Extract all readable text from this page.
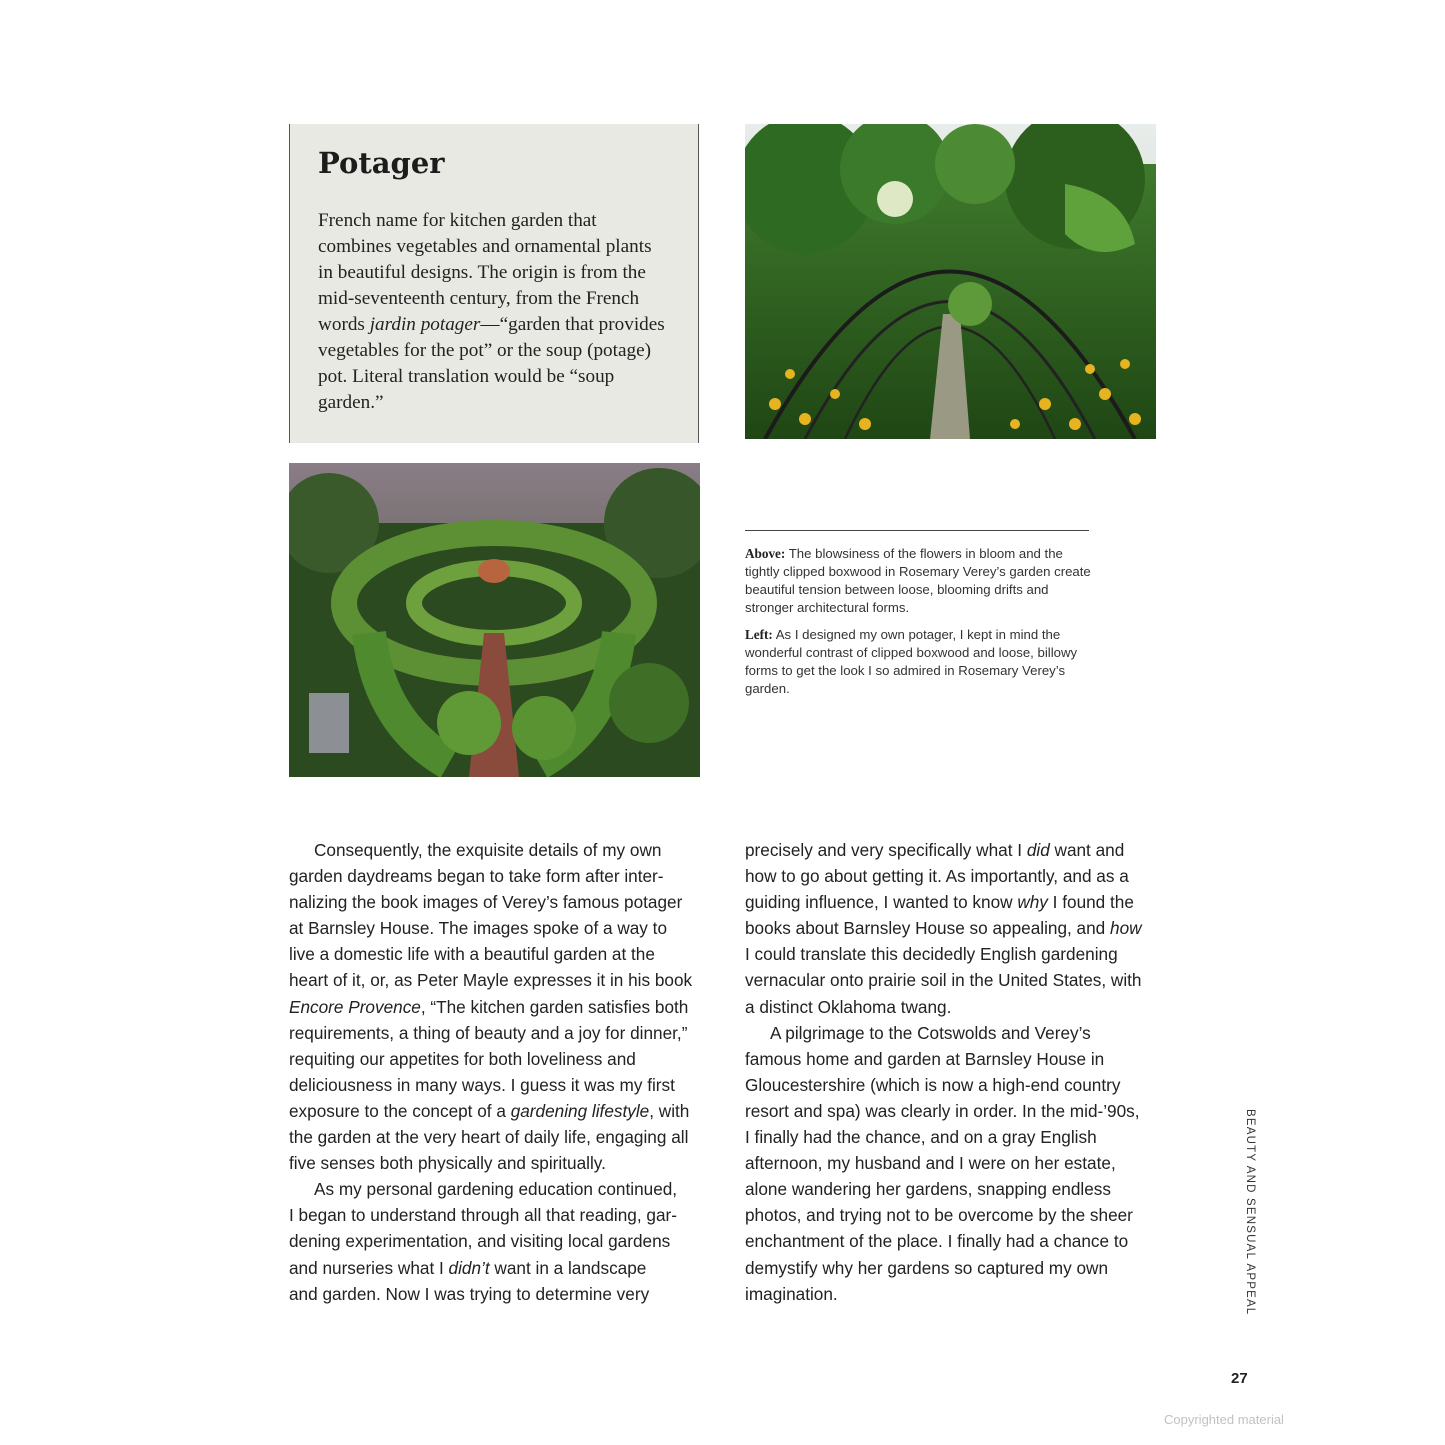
Potager

French name for kitchen garden that
combines vegetables and ornamental plants
in beautiful designs. The origin is from the
mid-seventeenth century, from the French
words jardin potager—“garden that provides
vegetables for the pot” or the soup (potage)
pot. Literal translation would be “soup
garden.”

Above: The blowsiness of the flowers in bloom and the tightly clipped boxwood in Rosemary Verey’s garden create beautiful tension between loose, blooming drifts and stronger architectural forms.

Left: As I designed my own potager, I kept in mind the wonderful contrast of clipped boxwood and loose, billowy forms to get the look I so admired in Rosemary Verey’s garden.

Consequently, the exquisite details of my own
garden daydreams began to take form after inter-
nalizing the book images of Verey’s famous potager
at Barnsley House. The images spoke of a way to
live a domestic life with a beautiful garden at the
heart of it, or, as Peter Mayle expresses it in his book
Encore Provence, “The kitchen garden satisfies both
requirements, a thing of beauty and a joy for dinner,”
requiting our appetites for both loveliness and
deliciousness in many ways. I guess it was my first
exposure to the concept of a gardening lifestyle, with
the garden at the very heart of daily life, engaging all
five senses both physically and spiritually.
As my personal gardening education continued,
I began to understand through all that reading, gar-
dening experimentation, and visiting local gardens
and nurseries what I didn’t want in a landscape
and garden. Now I was trying to determine very
precisely and very specifically what I did want and
how to go about getting it. As importantly, and as a
guiding influence, I wanted to know why I found the
books about Barnsley House so appealing, and how
I could translate this decidedly English gardening
vernacular onto prairie soil in the United States, with
a distinct Oklahoma twang.
A pilgrimage to the Cotswolds and Verey’s
famous home and garden at Barnsley House in
Gloucestershire (which is now a high-end country
resort and spa) was clearly in order. In the mid-’90s,
I finally had the chance, and on a gray English
afternoon, my husband and I were on her estate,
alone wandering her gardens, snapping endless
photos, and trying not to be overcome by the sheer
enchantment of the place. I finally had a chance to
demystify why her gardens so captured my own
imagination.	BEAUTY AND SENSUAL APPEAL
27
Copyrighted material
